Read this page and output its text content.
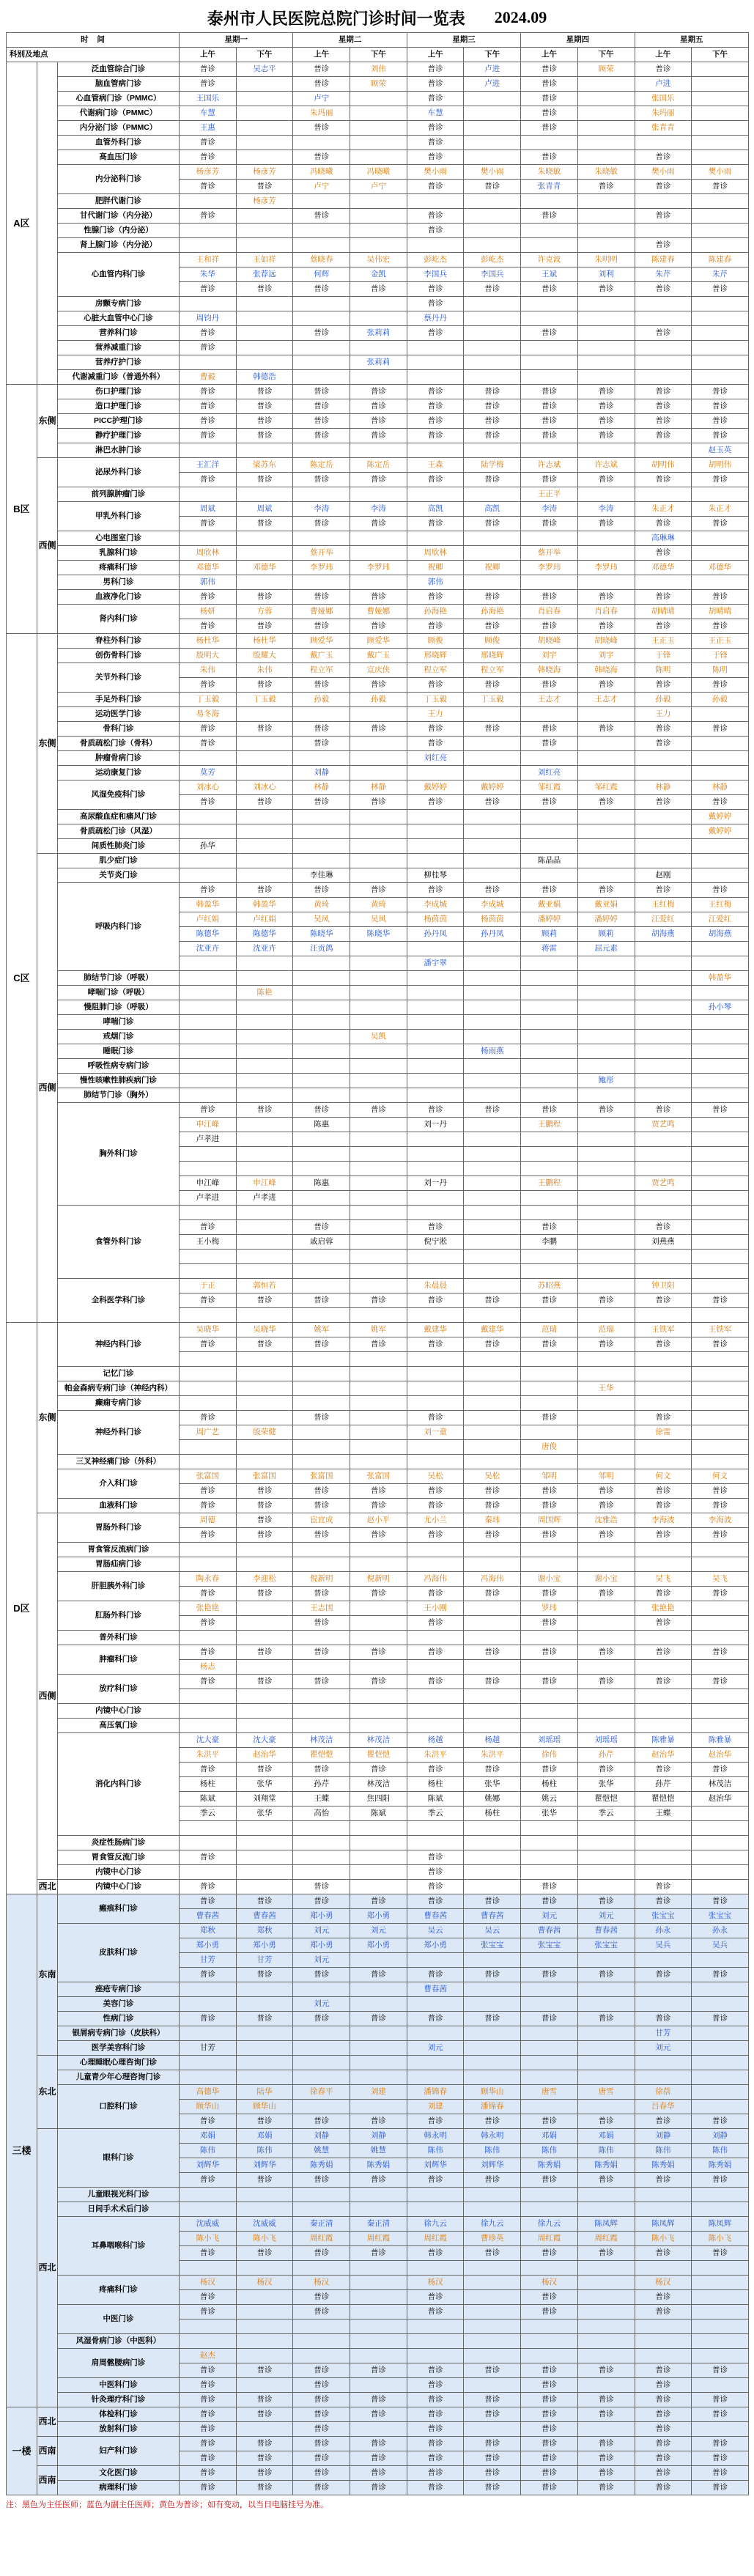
泰州市人民医院总院门诊时间一览表 2024.09
时 间			星期一		星期二		星期三		星期四		星期五	
科别及地点			上午	下午	上午	下午	上午	下午	上午	下午	上午	下午
A区		泛血管综合门诊	普诊	吴志平	普诊	刘伟	普诊	卢进	普诊	顾荣	普诊	
		脑血管病门诊	普诊		普诊	顾荣	普诊	卢进	普诊		卢进	
		心血管病门诊（PMMC）	王国乐		卢宁		普诊		普诊		张国乐	
		代谢病门诊（PMMC）	车慧		朱玛丽		车慧		普诊		朱玛丽	
		内分泌门诊（PMMC）	王惠		普诊		普诊		普诊		张青青	
		血管外科门诊	普诊				普诊					
		高血压门诊	普诊		普诊		普诊		普诊		普诊	
		内分泌科门诊	杨彦芳	杨彦芳	冯晓曦	冯晓曦	樊小雨	樊小雨	朱晓敏	朱晓敏	樊小雨	樊小雨
			普诊	普诊	卢宁	卢宁	普诊	普诊	张青青	普诊	普诊	普诊
		肥胖代谢门诊		杨彦芳								
		甘代谢门诊（内分泌）	普诊		普诊		普诊		普诊		普诊	
		性腺门诊（内分泌）					普诊					
		肾上腺门诊（内分泌）									普诊	
		心血管内科门诊	王和祥	王如祥	蔡晓春	吴伟宏	彭屹杰	彭屹杰	许克波	朱明明	陈建春	陈建春
			朱华	张荐远	何辉	金凯	李国兵	李国兵	王斌	刘利	朱芹	朱芹
			普诊	普诊	普诊	普诊	普诊	普诊	普诊	普诊	普诊	普诊
		房颤专病门诊					普诊					
		心脏大血管中心门诊	周钧丹				蔡丹丹					
		营养科门诊	普诊		普诊	张莉莉	普诊		普诊		普诊	
		营养减重门诊	普诊									
		营养疗护门诊				张莉莉						
		代谢减重门诊（普通外科）	曹毅	韩德浩								
B区	东侧	伤口护理门诊	普诊	普诊	普诊	普诊	普诊	普诊	普诊	普诊	普诊	普诊
		造口护理门诊	普诊	普诊	普诊	普诊	普诊	普诊	普诊	普诊	普诊	普诊
		PICC护理门诊	普诊	普诊	普诊	普诊	普诊	普诊	普诊	普诊	普诊	普诊
		静疗护理门诊	普诊	普诊	普诊	普诊	普诊	普诊	普诊	普诊	普诊	普诊
		淋巴水肿门诊										赵玉英
	西侧	泌尿外科门诊	王汇洋	梁苏东	陈定岳	陈定岳	王森	陆学梅	许志斌	许志斌	胡明伟	胡明伟
			普诊	普诊	普诊	普诊	普诊	普诊	普诊	普诊	普诊	普诊
		前列腺肿瘤门诊							王正平			
		甲乳外科门诊	周斌	周斌	李涛	李涛	高凯	高凯	李涛	李涛	朱正才	朱正才
			普诊	普诊	普诊	普诊	普诊	普诊	普诊	普诊	普诊	普诊
		心电图室门诊									高琳琳	
		乳腺科门诊	周欣林		蔡开举		周欣林		蔡开举		普诊	
		疼痛科门诊	邓德华	邓德华	李罗玮	李罗玮	祝卿	祝卿	李罗玮	李罗玮	邓德华	邓德华
		男科门诊	郭伟				郭伟					
		血液净化门诊	普诊	普诊	普诊	普诊	普诊	普诊	普诊	普诊	普诊	普诊
		肾内科门诊	杨妍	方蓉	曹娅娜	曹娅娜	孙海艳	孙海艳	肖启春	肖启春	胡晴晴	胡晴晴
			普诊	普诊	普诊	普诊	普诊	普诊	普诊	普诊	普诊	普诊
C区	东侧	脊柱外科门诊	杨杜华	杨杜华	顾爱华	顾爱华	顾俊	顾俊	胡晓峰	胡晓峰	王正玉	王正玉
		创伤骨科门诊	殷明大	殷耀大	戴广玉	戴广玉	邢晓辉	邢晓辉	刘宇	刘宇	于锋	于锋
		关节外科门诊	朱伟	朱伟	程立军	宣庆侠	程立军	程立军	韩晓海	韩晓海	陈明	陈明
			普诊	普诊	普诊	普诊	普诊	普诊	普诊	普诊	普诊	普诊
		手足外科门诊	丁玉毅	丁玉毅	孙毅	孙毅	丁玉毅	丁玉毅	王志才	王志才	孙毅	孙毅
		运动医学门诊	易冬海				王力				王力	
		骨科门诊	普诊	普诊	普诊	普诊	普诊	普诊	普诊	普诊	普诊	普诊
		骨质疏松门诊（骨科）	普诊		普诊		普诊		普诊		普诊	
		肿瘤骨病门诊					刘红亮					
		运动康复门诊	莫芳		刘静				刘红亮			
		风湿免疫科门诊	刘冰心	刘冰心	林静	林静	戴婷婷	戴婷婷	邹红霞	邹红霞	林静	林静
			普诊	普诊	普诊	普诊	普诊	普诊	普诊	普诊	普诊	普诊
		高尿酸血症和痛风门诊										戴婷婷
		骨质疏松门诊（风湿）										戴婷婷
		间质性肺炎门诊	孙华									
	西侧	肌少症门诊							陈晶晶			
		关节炎门诊			李佳琳		柳桂琴				赵刚	
		呼吸内科门诊	普诊	普诊	普诊	普诊	普诊	普诊	普诊	普诊	普诊	普诊
			韩盈华	韩盈华	黄琦	黄琦	李成城	李成城	戴亚娟	戴亚娟	王红梅	王红梅
			卢红娟	卢红娟	吴凤	吴凤	杨茵茵	杨茵茵	潘婷婷	潘婷婷	江爱红	江爱红
			陈德华	陈德华	陈晓华	陈晓华	孙丹凤	孙丹凤	顾莉	顾莉	胡海燕	胡海燕
			沈亚卉	沈亚卉	汪贡鸽				蒋雷	屈元素		
							潘宇翠					
		肺结节门诊（呼吸）										韩盈华
		哮喘门诊（呼吸）		陈艳								
		慢阻肺门诊（呼吸）										孙小琴
		哮喘门诊										
		戒烟门诊				吴凯						
		睡眠门诊						杨雨燕				
		呼吸性病专病门诊										
		慢性咳嗽性肺疾病门诊								鲍彤		
		肺结节门诊（胸外）										
		胸外科门诊	普诊	普诊	普诊	普诊	普诊	普诊	普诊	普诊	普诊	普诊
			申江峰		陈惠		刘一丹		王鹏程		贾艺鸣	
			卢孝进									

			申江峰	申江峰	陈惠		刘一丹		王鹏程		贾艺鸣	
			卢孝进	卢孝进								
		食管外科门诊										
			普诊		普诊		普诊		普诊		普诊	
			王小梅		戚启蓉		倪宁淞		李鹏		刘燕燕	

		全科医学科门诊	于正	郭恒若			朱晨晨		苏昭燕		钟卫阳	
			普诊	普诊	普诊	普诊	普诊	普诊	普诊	普诊	普诊	普诊

D区	东侧	神经内科门诊	吴晓华	吴晓华	姚军	姚军	戴建华	戴建华	范瑞	范瑞	王铁军	王铁军
			普诊	普诊	普诊	普诊	普诊	普诊	普诊	普诊	普诊	普诊

		记忆门诊										
		帕金森病专病门诊（神经内科）								王华		
		癫痫专病门诊										
		神经外科门诊	普诊		普诊		普诊		普诊		普诊	
			周广艺	殷荣健			刘一童				徐雷	
									唐俊			
		三叉神经痛门诊（外科）										
		介入科门诊	张富国	张富国	张富国	张富国	吴松	吴松	邹明	邹明	何文	何文
			普诊	普诊	普诊	普诊	普诊	普诊	普诊	普诊	普诊	普诊
		血液科门诊	普诊	普诊	普诊	普诊	普诊	普诊	普诊	普诊	普诊	普诊
	西侧	胃肠外科门诊	周德	普诊	宦宜成	赵小平	尤小兰	秦玮	周国辉	沈雅浩	李海波	李海波
			普诊	普诊	普诊	普诊	普诊	普诊	普诊	普诊	普诊	普诊
		胃食管反流病门诊										
		胃肠疝病门诊										
		肝胆胰外科门诊	陶永春	李迎松	倪新明	倪新明	冯海伟	冯海伟	谢小宝	谢小宝	吴飞	吴飞
			普诊	普诊	普诊	普诊	普诊	普诊	普诊	普诊	普诊	普诊
		肛肠外科门诊	张艳艳		王志国		王小刚		罗玮		张艳艳	
			普诊		普诊		普诊		普诊		普诊	
		普外科门诊										
		肿瘤科门诊	普诊	普诊	普诊	普诊	普诊	普诊	普诊	普诊	普诊	普诊
			杨志									
		放疗科门诊	普诊	普诊	普诊	普诊	普诊	普诊	普诊	普诊	普诊	普诊

		内镜中心门诊										
		高压氧门诊										
		消化内科门诊	沈大豪	沈大豪	林茂洁	林茂洁	杨越	杨越	刘瑶瑶	刘瑶瑶	陈雅暴	陈雅暴
			朱洪平	赵治华	瞿恺恺	瞿恺恺	朱洪平	朱洪平	徐伟	孙芹	赵治华	赵治华
			普诊	普诊	普诊	普诊	普诊	普诊	普诊	普诊	普诊	普诊
			杨柱	张华	孙芹	林茂洁	杨柱	张华	杨柱	张华	孙芹	林茂洁
			陈斌	刘翔堂	王蝶	焦四阳	陈斌	姚娜	姚云	瞿恺恺	瞿恺恺	赵治华
			季云	张华	高怡	陈斌	季云	杨柱	张华	季云	王蝶	

		炎症性肠病门诊										
		胃食管反流门诊	普诊				普诊					
		内镜中心门诊					普诊					
	西北	内镜中心门诊	普诊		普诊		普诊		普诊		普诊	
三楼	东南	瘢痕科门诊	普诊	普诊	普诊	普诊	普诊	普诊	普诊	普诊	普诊	普诊
			曹春茜	曹春茜	郑小勇	郑小勇	曹春茜	曹春茜	刘元	刘元	张宝宝	张宝宝
		皮肤科门诊	郑秋	郑秋	刘元	刘元	吴云	吴云	曹春茜	曹春茜	孙永	孙永
			郑小勇	郑小勇	郑小勇	郑小勇	郑小勇	张宝宝	张宝宝	张宝宝	吴兵	吴兵
			甘芳	甘芳	刘元							
			普诊	普诊	普诊	普诊	普诊	普诊	普诊	普诊	普诊	普诊
		痤疮专病门诊					曹春茜					
		美容门诊			刘元							
		性病门诊	普诊	普诊	普诊	普诊	普诊	普诊	普诊	普诊	普诊	普诊
		银屑病专病门诊（皮肤科）									甘芳	
		医学美容科门诊	甘芳				刘元				刘元	
	东北	心理睡眠心理咨询门诊										
		儿童青少年心理咨询门诊										
		口腔科门诊	高德华	陆华	徐春平	刘建	潘锦春	顾华山	唐雪	唐雪	徐蓓	
			顾华山	顾华山			刘建	潘锦春			吕春华	
			普诊	普诊	普诊	普诊	普诊	普诊	普诊	普诊	普诊	普诊
	西北	眼科门诊	邓娟	邓娟	刘静	刘静	韩永明	韩永明	邓娟	邓娟	刘静	刘静
			陈伟	陈伟	姚慧	姚慧	陈伟	陈伟	陈伟	陈伟	陈伟	陈伟
			刘辉华	刘辉华	陈秀娟	陈秀娟	刘辉华	刘辉华	陈秀娟	陈秀娟	陈秀娟	陈秀娟
			普诊	普诊	普诊	普诊	普诊	普诊	普诊	普诊	普诊	普诊
		儿童眼视光科门诊										
		日间手术术后门诊										
		耳鼻咽喉科门诊	沈威威	沈威威	秦正清	秦正清	徐九云	徐九云	徐九云	陈凤辉	陈凤辉	陈凤辉
			陈小飞	陈小飞	周红霞	周红霞	周红霞	曹珍英	周红霞	周红霞	陈小飞	陈小飞
			普诊	普诊	普诊	普诊	普诊	普诊	普诊	普诊	普诊	普诊

		疼痛科门诊	杨汉	杨汉	杨汉		杨汉		杨汉		杨汉	
			普诊		普诊		普诊		普诊		普诊	
		中医门诊	普诊		普诊		普诊		普诊		普诊	

		风湿骨病门诊（中医科）										
		肩周髂腰病门诊	赵杰									
			普诊	普诊	普诊	普诊	普诊	普诊	普诊	普诊	普诊	普诊
		中医科门诊	普诊		普诊		普诊		普诊		普诊	
		针灸理疗科门诊	普诊	普诊	普诊	普诊	普诊	普诊	普诊	普诊	普诊	普诊
一楼	西北	体检科门诊	普诊	普诊	普诊	普诊	普诊	普诊	普诊	普诊	普诊	普诊
		放射科门诊	普诊		普诊		普诊		普诊		普诊	
	西南	妇产科门诊	普诊	普诊	普诊	普诊	普诊	普诊	普诊	普诊	普诊	普诊
			普诊	普诊	普诊	普诊	普诊	普诊	普诊	普诊	普诊	普诊
	西南	文化医门诊	普诊	普诊	普诊	普诊	普诊	普诊	普诊	普诊	普诊	普诊
		病理科门诊	普诊	普诊	普诊	普诊	普诊	普诊	普诊	普诊	普诊	普诊
注：黑色为主任医师；蓝色为副主任医师；黄色为普诊；如有变动，以当日电脑挂号为准。
